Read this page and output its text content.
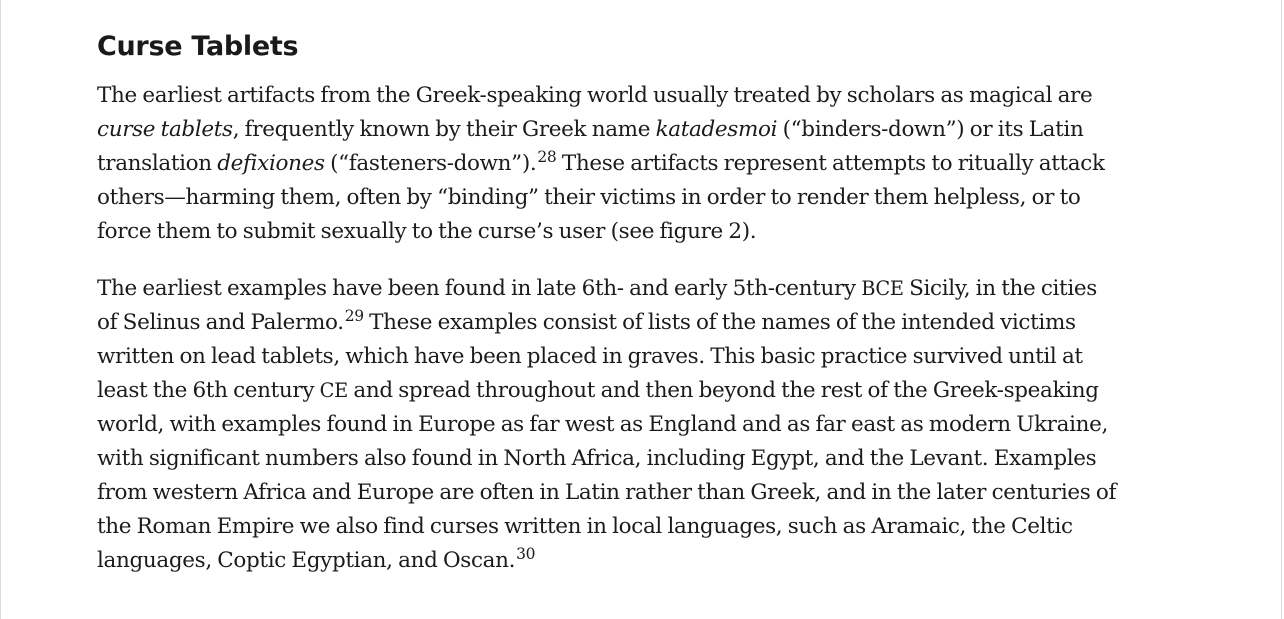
Curse Tablets

The earliest artifacts from the Greek-speaking world usually treated by scholars as magical are
curse tablets, frequently known by their Greek name katadesmoi (“binders-down”) or its Latin
translation defixiones (“fasteners-down”).$^{28}$ These artifacts represent attempts to ritually attack
others—harming them, often by “binding” their victims in order to render them helpless, or to
force them to submit sexually to the curse’s user (see figure 2).

The earliest examples have been found in late 6th- and early 5th-century BCE Sicily, in the cities
of Selinus and Palermo.$^{29}$ These examples consist of lists of the names of the intended victims
written on lead tablets, which have been placed in graves. This basic practice survived until at
least the 6th century CE and spread throughout and then beyond the rest of the Greek-speaking
world, with examples found in Europe as far west as England and as far east as modern Ukraine,
with significant numbers also found in North Africa, including Egypt, and the Levant. Examples
from western Africa and Europe are often in Latin rather than Greek, and in the later centuries of
the Roman Empire we also find curses written in local languages, such as Aramaic, the Celtic
languages, Coptic Egyptian, and Oscan.$^{30}$
